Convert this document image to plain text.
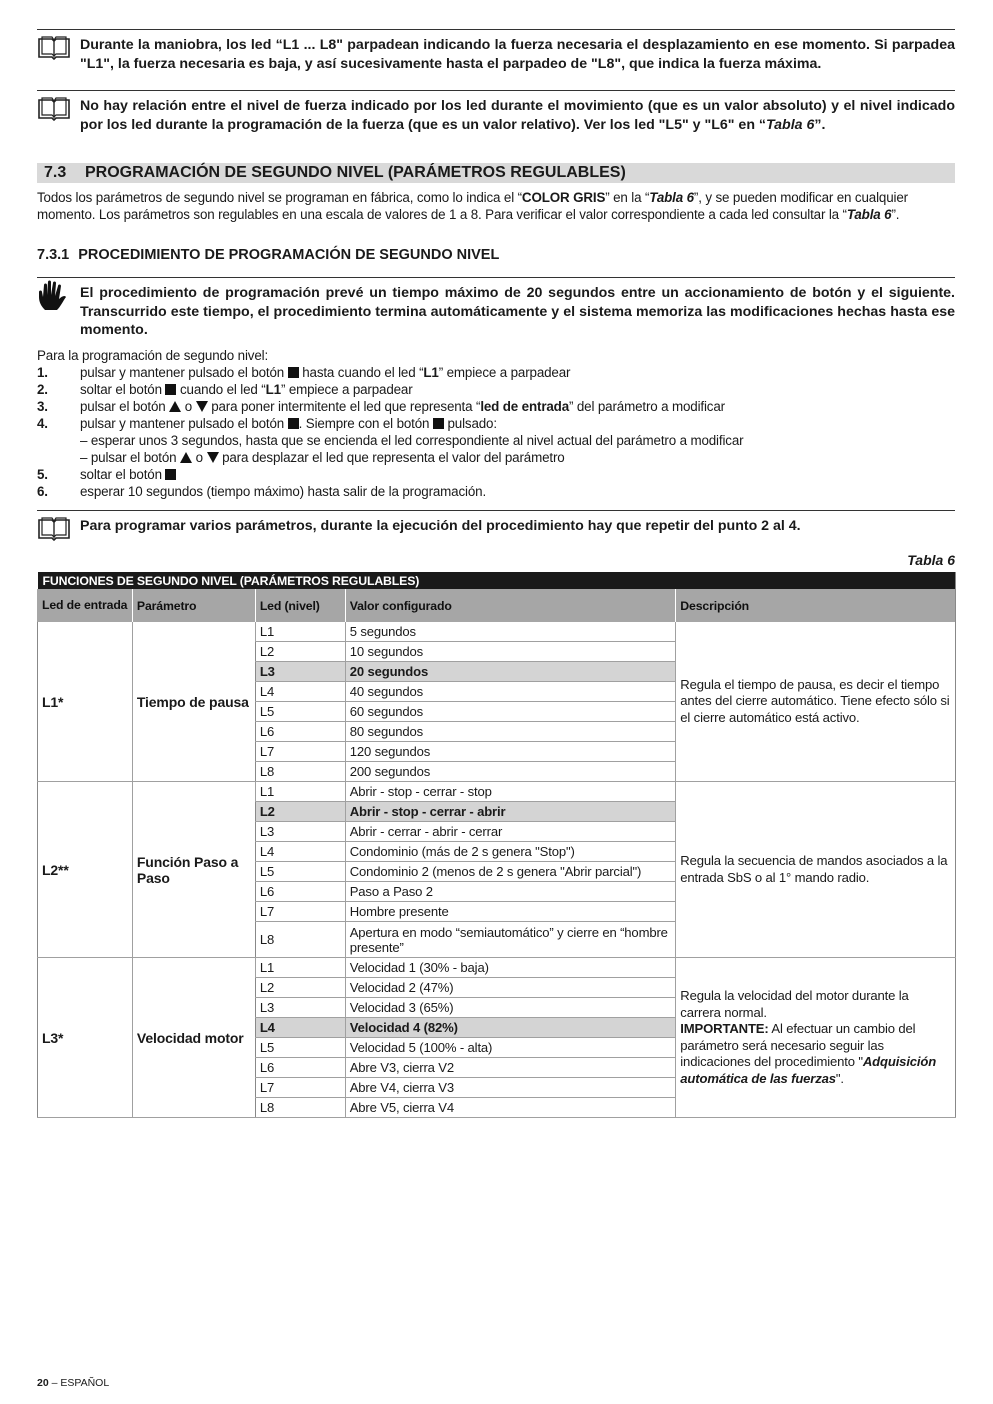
Durante la maniobra, los led “L1 ... L8" parpadean indicando la fuerza necesaria el desplazamiento en ese momento. Si parpadea "L1", la fuerza necesaria es baja, y así sucesivamente hasta el parpadeo de "L8", que indica la fuerza máxima.
No hay relación entre el nivel de fuerza indicado por los led durante el movimiento (que es un valor absoluto) y el nivel indicado por los led durante la programación de la fuerza (que es un valor relativo). Ver los led "L5" y "L6" en “Tabla 6”.
7.3 PROGRAMACIÓN DE SEGUNDO NIVEL (PARÁMETROS REGULABLES)
Todos los parámetros de segundo nivel se programan en fábrica, como lo indica el “COLOR GRIS” en la “Tabla 6”, y se pueden modificar en cualquier
momento. Los parámetros son regulables en una escala de valores de 1 a 8. Para verificar el valor correspondiente a cada led consultar la “Tabla 6”.
7.3.1 PROCEDIMIENTO DE PROGRAMACIÓN DE SEGUNDO NIVEL
El procedimiento de programación prevé un tiempo máximo de 20 segundos entre un accionamiento de botón y el siguiente. Transcurrido este tiempo, el procedimiento termina automáticamente y el sistema memoriza las modificaciones hechas hasta ese momento.
Para la programación de segundo nivel:
1. pulsar y mantener pulsado el botón  hasta cuando el led “L1” empiece a parpadear
2. soltar el botón  cuando el led “L1” empiece a parpadear
3. pulsar el botón  o  para poner intermitente el led que representa “led de entrada” del parámetro a modificar
4. pulsar y mantener pulsado el botón . Siempre con el botón  pulsado:
– esperar unos 3 segundos, hasta que se encienda el led correspondiente al nivel actual del parámetro a modificar
– pulsar el botón  o  para desplazar el led que representa el valor del parámetro
5. soltar el botón
6. esperar 10 segundos (tiempo máximo) hasta salir de la programación.
Para programar varios parámetros, durante la ejecución del procedimiento hay que repetir del punto 2 al 4.
Tabla 6
FUNCIONES DE SEGUNDO NIVEL (PARÁMETROS REGULABLES)				
Led de entrada	Parámetro	Led (nivel)	Valor configurado	Descripción
L1*	Tiempo de pausa	L1	5 segundos	Regula el tiempo de pausa, es decir el tiempo antes del cierre automático. Tiene efecto sólo si el cierre automático está activo.
		L2	10 segundos	
		L3	20 segundos	
		L4	40 segundos	
		L5	60 segundos	
		L6	80 segundos	
		L7	120 segundos	
		L8	200 segundos	
L2**	Función Paso a Paso	L1	Abrir - stop - cerrar - stop	Regula la secuencia de mandos asociados a la entrada SbS o al 1° mando radio.
		L2	Abrir - stop - cerrar - abrir	
		L3	Abrir - cerrar - abrir - cerrar	
		L4	Condominio (más de 2 s genera "Stop")	
		L5	Condominio 2 (menos de 2 s genera "Abrir parcial")	
		L6	Paso a Paso 2	
		L7	Hombre presente	
		L8	Apertura en modo “semiautomático” y cierre en “hombre presente”	
L3*	Velocidad motor	L1	Velocidad 1 (30% - baja)	Regula la velocidad del motor durante la carrera normal.
IMPORTANTE: Al efectuar un cambio del parámetro será necesario seguir las indicaciones del procedimiento "Adquisición automática de las fuerzas".
		L2	Velocidad 2 (47%)	
		L3	Velocidad 3 (65%)	
		L4	Velocidad 4 (82%)	
		L5	Velocidad 5 (100% - alta)	
		L6	Abre V3, cierra V2	
		L7	Abre V4, cierra V3	
		L8	Abre V5, cierra V4	
20 – ESPAÑOL
